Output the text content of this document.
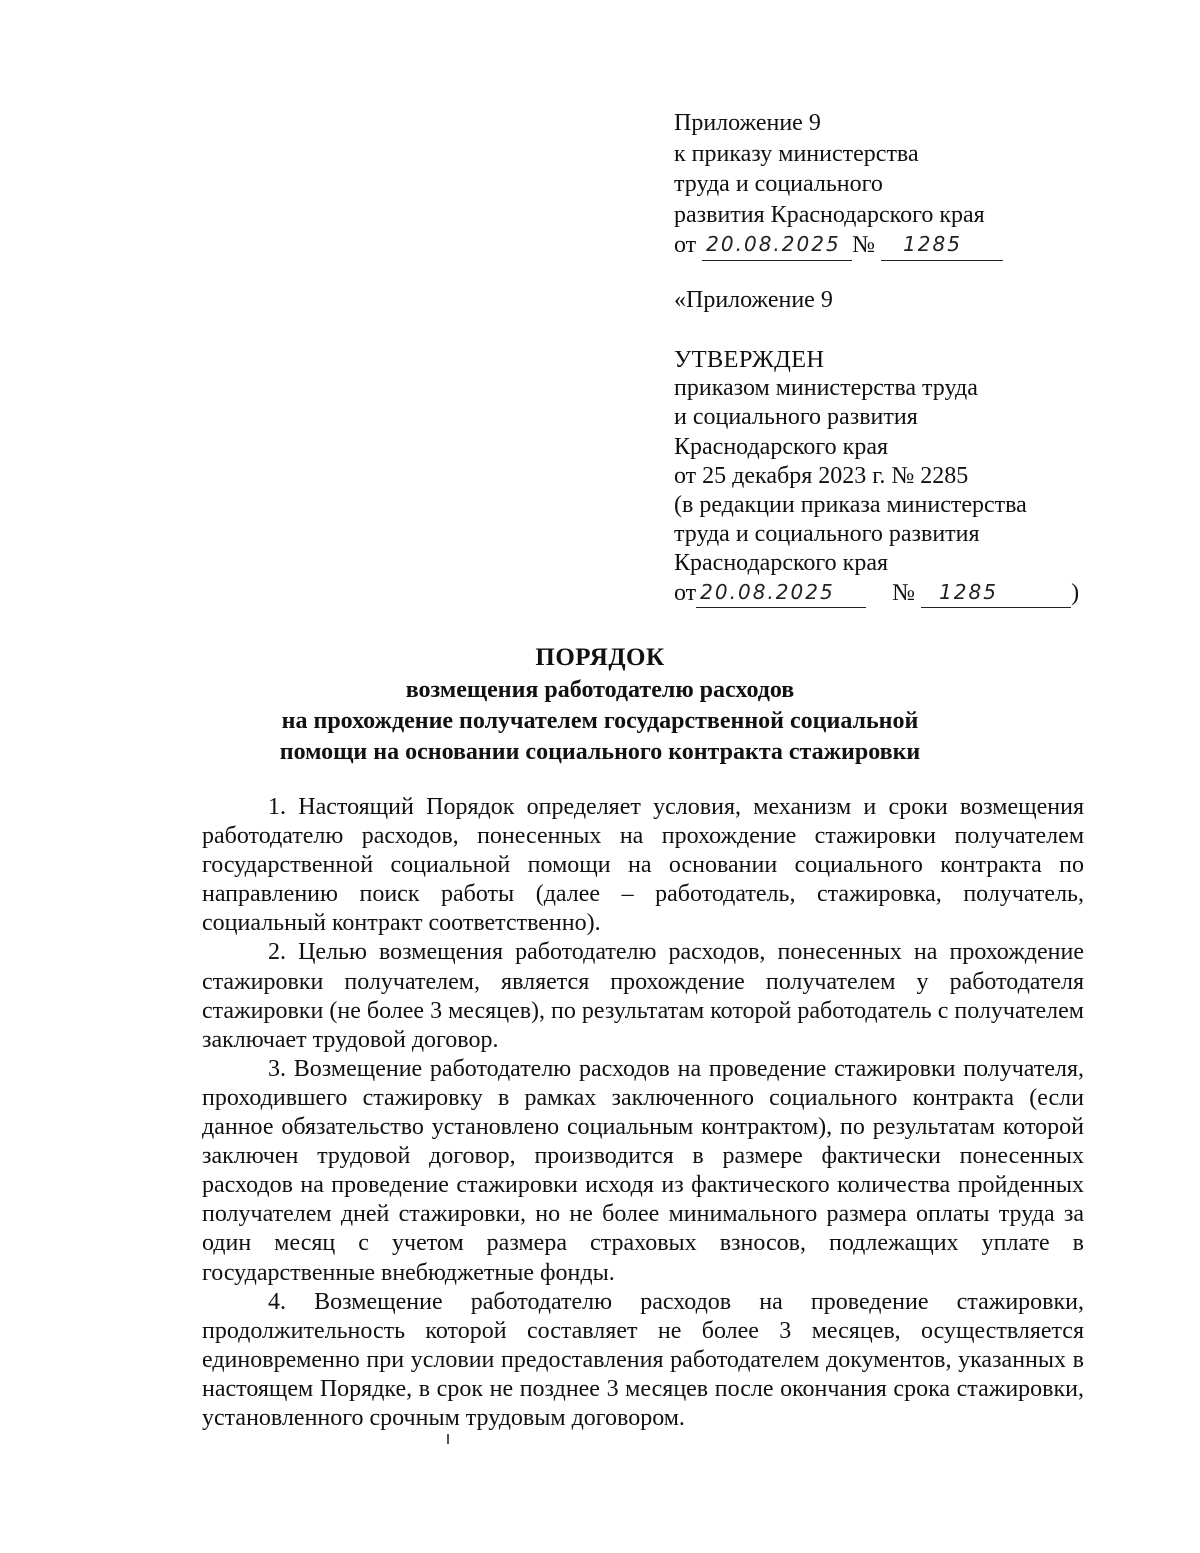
Приложение 9
к приказу министерства
труда и социального
развития Краснодарского края
от 20.08.2025 № 1285
«Приложение 9
УТВЕРЖДЕН
приказом министерства труда
и социального развития
Краснодарского края
от 25 декабря 2023 г. № 2285
(в редакции приказа министерства
труда и социального развития
Краснодарского края
от 20.08.2025 № 1285	)
ПОРЯДОК
возмещения работодателю расходов
на прохождение получателем государственной социальной
помощи на основании социального контракта стажировки

1. Настоящий Порядок определяет условия, механизм и сроки возмещения работодателю расходов, понесенных на прохождение стажировки получателем государственной социальной помощи на основании социального контракта по направлению поиск работы (далее – работодатель, стажировка, получатель, социальный контракт соответственно).

2. Целью возмещения работодателю расходов, понесенных на прохождение стажировки получателем, является прохождение получателем у работодателя стажировки (не более 3 месяцев), по результатам которой работодатель с получателем заключает трудовой договор.

3. Возмещение работодателю расходов на проведение стажировки получателя, проходившего стажировку в рамках заключенного социального контракта (если данное обязательство установлено социальным контрактом), по результатам которой заключен трудовой договор, производится в размере фактически понесенных расходов на проведение стажировки исходя из фактического количества пройденных получателем дней стажировки, но не более минимального размера оплаты труда за один месяц с учетом размера страховых взносов, подлежащих уплате в государственные внебюджетные фонды.

4. Возмещение работодателю расходов на проведение стажировки, продолжительность которой составляет не более 3 месяцев, осуществляется единовременно при условии предоставления работодателем документов, указанных в настоящем Порядке, в срок не позднее 3 месяцев после окончания срока стажировки, установленного срочным трудовым договором.
